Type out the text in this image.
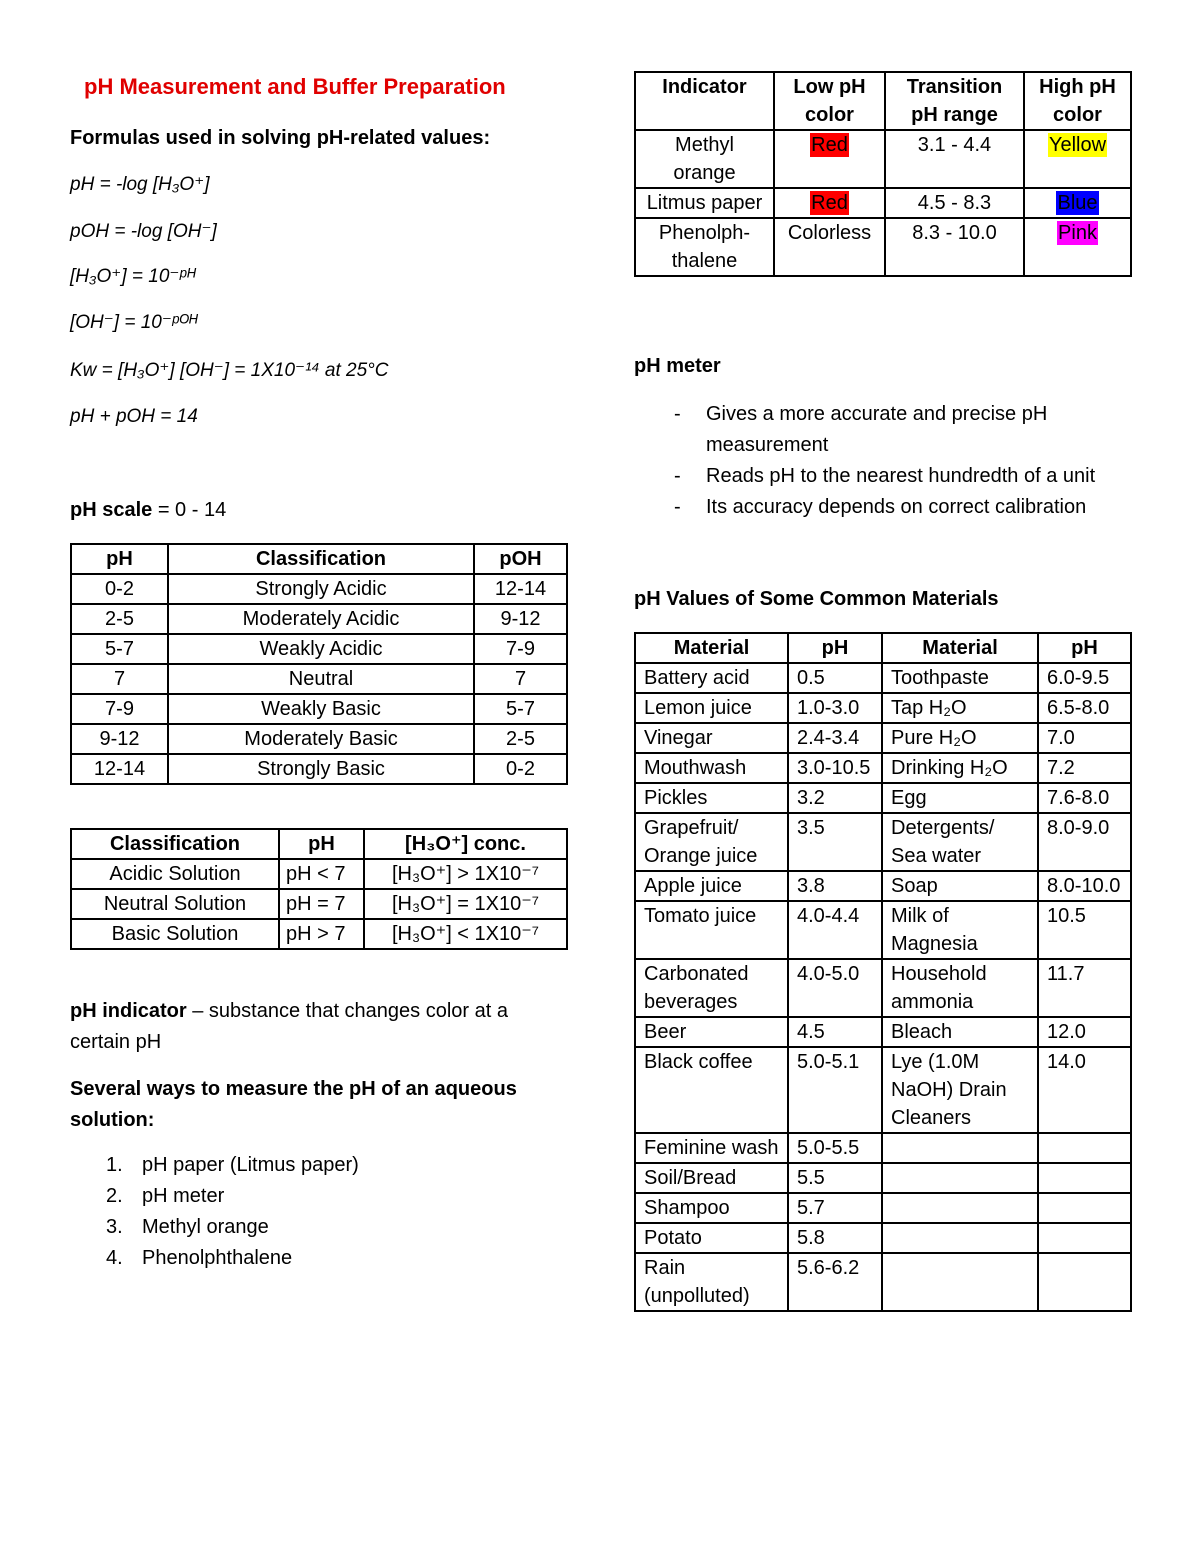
pH Measurement and Buffer Preparation
Formulas used in solving pH-related values:
pH = -log [H₃O⁺]
pOH = -log [OH⁻]
[H₃O⁺] = 10⁻ᵖᴴ
[OH⁻] = 10⁻ᵖᴼᴴ
Kw = [H₃O⁺] [OH⁻] = 1X10⁻¹⁴ at 25°C
pH + pOH = 14
pH scale = 0 - 14
pH	Classification	pOH
0-2	Strongly Acidic	12-14
2-5	Moderately Acidic	9-12
5-7	Weakly Acidic	7-9
7	Neutral	7
7-9	Weakly Basic	5-7
9-12	Moderately Basic	2-5
12-14	Strongly Basic	0-2
Classification	pH	[H₃O⁺] conc.
Acidic Solution	pH < 7	[H₃O⁺] > 1X10⁻⁷
Neutral Solution	pH = 7	[H₃O⁺] = 1X10⁻⁷
Basic Solution	pH > 7	[H₃O⁺] < 1X10⁻⁷
pH indicator – substance that changes color at a certain pH
Several ways to measure the pH of an aqueous solution:
1. pH paper (Litmus paper)
2. pH meter
3. Methyl orange
4. Phenolphthalene
Indicator	Low pH color	Transition pH range	High pH color
Methyl orange	Red	3.1 - 4.4	Yellow
Litmus paper	Red	4.5 - 8.3	Blue
Phenolph-thalene	Colorless	8.3 - 10.0	Pink
pH meter
- Gives a more accurate and precise pH measurement
- Reads pH to the nearest hundredth of a unit
- Its accuracy depends on correct calibration
pH Values of Some Common Materials
Material	pH	Material	pH
Battery acid	0.5	Toothpaste	6.0-9.5
Lemon juice	1.0-3.0	Tap H₂O	6.5-8.0
Vinegar	2.4-3.4	Pure H₂O	7.0
Mouthwash	3.0-10.5	Drinking H₂O	7.2
Pickles	3.2	Egg	7.6-8.0
Grapefruit/ Orange juice	3.5	Detergents/ Sea water	8.0-9.0
Apple juice	3.8	Soap	8.0-10.0
Tomato juice	4.0-4.4	Milk of Magnesia	10.5
Carbonated beverages	4.0-5.0	Household ammonia	11.7
Beer	4.5	Bleach	12.0
Black coffee	5.0-5.1	Lye (1.0M NaOH) Drain Cleaners	14.0
Feminine wash	5.0-5.5		
Soil/Bread	5.5		
Shampoo	5.7		
Potato	5.8		
Rain (unpolluted)	5.6-6.2		
